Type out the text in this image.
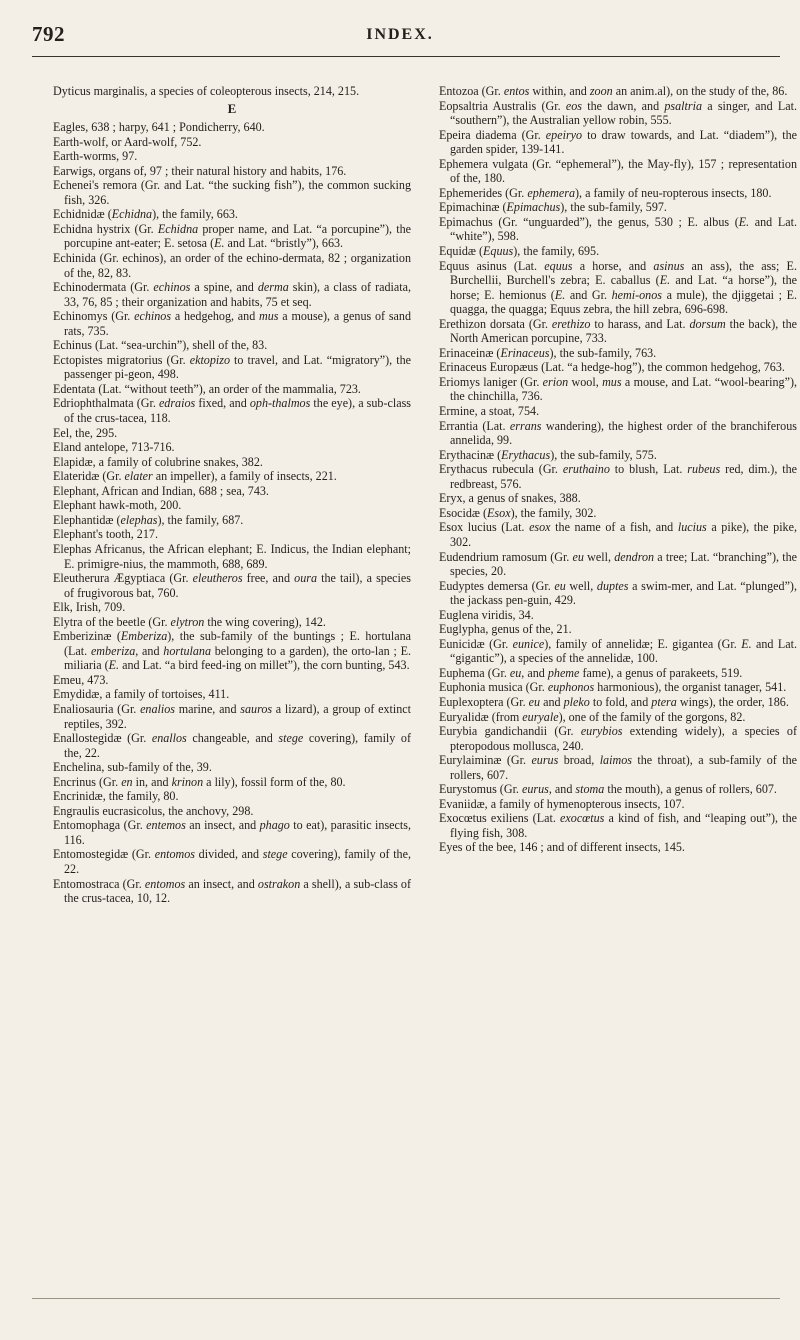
792	INDEX.

Dyticus marginalis, a species of coleopterous insects, 214, 215.

E

Eagles, 638 ; harpy, 641 ; Pondicherry, 640.

Earth-wolf, or Aard-wolf, 752.

Earth-worms, 97.

Earwigs, organs of, 97 ; their natural history and habits, 176.

Echenei's remora (Gr. and Lat. “the sucking fish”), the common sucking fish, 326.

Echidnidæ (Echidna), the family, 663.

Echidna hystrix (Gr. Echidna proper name, and Lat. “a porcupine”), the porcupine ant-eater; E. setosa (E. and Lat. “bristly”), 663.

Echinida (Gr. echinos), an order of the echino-dermata, 82 ; organization of the, 82, 83.

Echinodermata (Gr. echinos a spine, and derma skin), a class of radiata, 33, 76, 85 ; their organization and habits, 75 et seq.

Echinomys (Gr. echinos a hedgehog, and mus a mouse), a genus of sand rats, 735.

Echinus (Lat. “sea-urchin”), shell of the, 83.

Ectopistes migratorius (Gr. ektopizo to travel, and Lat. “migratory”), the passenger pi-geon, 498.

Edentata (Lat. “without teeth”), an order of the mammalia, 723.

Edriophthalmata (Gr. edraios fixed, and oph-thalmos the eye), a sub-class of the crus-tacea, 118.

Eel, the, 295.

Eland antelope, 713-716.

Elapidæ, a family of colubrine snakes, 382.

Elateridæ (Gr. elater an impeller), a family of insects, 221.

Elephant, African and Indian, 688 ; sea, 743.

Elephant hawk-moth, 200.

Elephantidæ (elephas), the family, 687.

Elephant's tooth, 217.

Elephas Africanus, the African elephant; E. Indicus, the Indian elephant; E. primigre-nius, the mammoth, 688, 689.

Eleutherura Ægyptiaca (Gr. eleutheros free, and oura the tail), a species of frugivorous bat, 760.

Elk, Irish, 709.

Elytra of the beetle (Gr. elytron the wing covering), 142.

Emberizinæ (Emberiza), the sub-family of the buntings ; E. hortulana (Lat. emberiza, and hortulana belonging to a garden), the orto-lan ; E. miliaria (E. and Lat. “a bird feed-ing on millet”), the corn bunting, 543.

Emeu, 473.

Emydidæ, a family of tortoises, 411.

Enaliosauria (Gr. enalios marine, and sauros a lizard), a group of extinct reptiles, 392.

Enallostegidæ (Gr. enallos changeable, and stege covering), family of the, 22.

Enchelina, sub-family of the, 39.

Encrinus (Gr. en in, and krinon a lily), fossil form of the, 80.

Encrinidæ, the family, 80.

Engraulis eucrasicolus, the anchovy, 298.

Entomophaga (Gr. entemos an insect, and phago to eat), parasitic insects, 116.

Entomostegidæ (Gr. entomos divided, and stege covering), family of the, 22.

Entomostraca (Gr. entomos an insect, and ostrakon a shell), a sub-class of the crus-tacea, 10, 12.

Entozoa (Gr. entos within, and zoon an anim.al), on the study of the, 86.

Eopsaltria Australis (Gr. eos the dawn, and psaltria a singer, and Lat. “southern”), the Australian yellow robin, 555.

Epeira diadema (Gr. epeiryo to draw towards, and Lat. “diadem”), the garden spider, 139-141.

Ephemera vulgata (Gr. “ephemeral”), the May-fly), 157 ; representation of the, 180.

Ephemerides (Gr. ephemera), a family of neu-ropterous insects, 180.

Epimachinæ (Epimachus), the sub-family, 597.

Epimachus (Gr. “unguarded”), the genus, 530 ; E. albus (E. and Lat. “white”), 598.

Equidæ (Equus), the family, 695.

Equus asinus (Lat. equus a horse, and asinus an ass), the ass; E. Burchellii, Burchell's zebra; E. caballus (E. and Lat. “a horse”), the horse; E. hemionus (E. and Gr. hemi-onos a mule), the djiggetai ; E. quagga, the quagga; Equus zebra, the hill zebra, 696-698.

Erethizon dorsata (Gr. erethizo to harass, and Lat. dorsum the back), the North American porcupine, 733.

Erinaceinæ (Erinaceus), the sub-family, 763.

Erinaceus Europæus (Lat. “a hedge-hog”), the common hedgehog, 763.

Eriomys laniger (Gr. erion wool, mus a mouse, and Lat. “wool-bearing”), the chinchilla, 736.

Ermine, a stoat, 754.

Errantia (Lat. errans wandering), the highest order of the branchiferous annelida, 99.

Erythacinæ (Erythacus), the sub-family, 575.

Erythacus rubecula (Gr. eruthaino to blush, Lat. rubeus red, dim.), the redbreast, 576.

Eryx, a genus of snakes, 388.

Esocidæ (Esox), the family, 302.

Esox lucius (Lat. esox the name of a fish, and lucius a pike), the pike, 302.

Eudendrium ramosum (Gr. eu well, dendron a tree; Lat. “branching”), the species, 20.

Eudyptes demersa (Gr. eu well, duptes a swim-mer, and Lat. “plunged”), the jackass pen-guin, 429.

Euglena viridis, 34.

Euglypha, genus of the, 21.

Eunicidæ (Gr. eunice), family of annelidæ; E. gigantea (Gr. E. and Lat. “gigantic”), a species of the annelidæ, 100.

Euphema (Gr. eu, and pheme fame), a genus of parakeets, 519.

Euphonia musica (Gr. euphonos harmonious), the organist tanager, 541.

Euplexoptera (Gr. eu and pleko to fold, and ptera wings), the order, 186.

Euryalidæ (from euryale), one of the family of the gorgons, 82.

Eurybia gandichandii (Gr. eurybios extending widely), a species of pteropodous mollusca, 240.

Eurylaiminæ (Gr. eurus broad, laimos the throat), a sub-family of the rollers, 607.

Eurystomus (Gr. eurus, and stoma the mouth), a genus of rollers, 607.

Evaniidæ, a family of hymenopterous insects, 107.

Exocœtus exiliens (Lat. exocœtus a kind of fish, and “leaping out”), the flying fish, 308.

Eyes of the bee, 146 ; and of different insects, 145.
